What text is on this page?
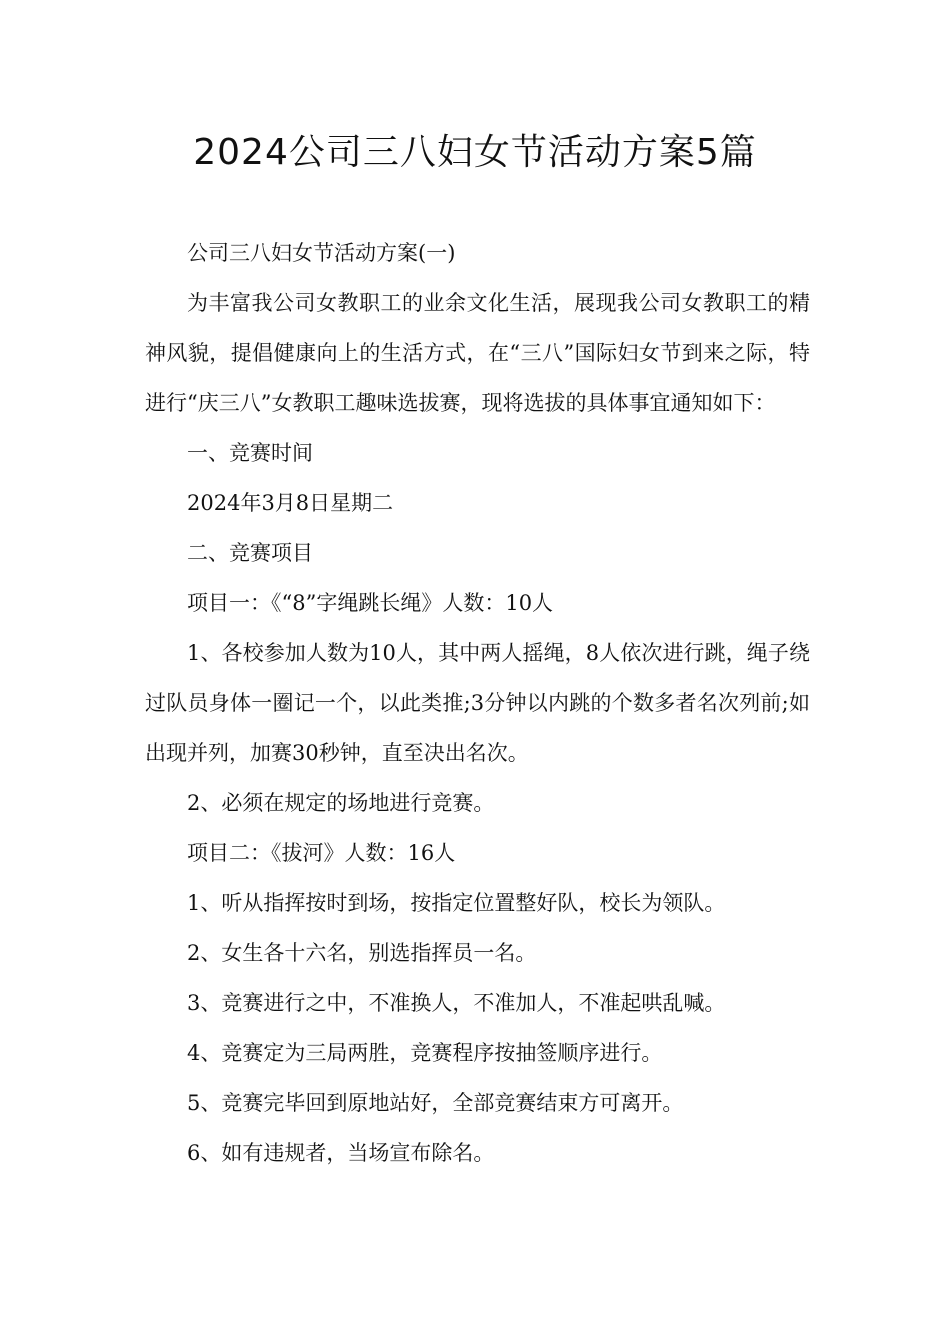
2024公司三八妇女节活动方案5篇

公司三八妇女节活动方案(一)

为丰富我公司女教职工的业余文化生活，展现我公司女教职工的精神风貌，提倡健康向上的生活方式，在“三八”国际妇女节到来之际，特进行“庆三八”女教职工趣味选拔赛，现将选拔的具体事宜通知如下：

一、竞赛时间

2024年3月8日星期二

二、竞赛项目

项目一：《“8”字绳跳长绳》人数：10人

1、各校参加人数为10人，其中两人摇绳，8人依次进行跳，绳子绕过队员身体一圈记一个，以此类推;3分钟以内跳的个数多者名次列前;如出现并列，加赛30秒钟，直至决出名次。

2、必须在规定的场地进行竞赛。

项目二：《拔河》人数：16人

1、听从指挥按时到场，按指定位置整好队，校长为领队。

2、女生各十六名，别选指挥员一名。

3、竞赛进行之中，不准换人，不准加人，不准起哄乱喊。

4、竞赛定为三局两胜，竞赛程序按抽签顺序进行。

5、竞赛完毕回到原地站好，全部竞赛结束方可离开。

6、如有违规者，当场宣布除名。
